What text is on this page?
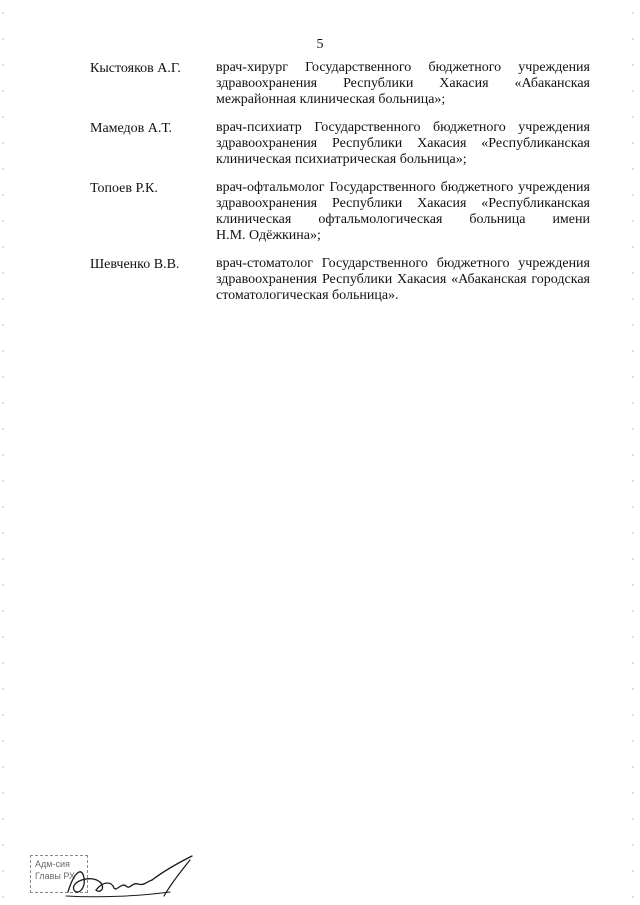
5
Кыстояков А.Г.	врач-хирург Государственного бюджетного учреждения
здравоохранения Республики Хакасия «Абаканская
межрайонная клиническая больница»;
Мамедов А.Т.	врач-психиатр Государственного бюджетного учреждения
здравоохранения Республики Хакасия «Республиканская
клиническая психиатрическая больница»;
Топоев Р.К.	врач-офтальмолог Государственного бюджетного учреждения
здравоохранения Республики Хакасия «Республиканская
клиническая офтальмологическая больница имени
Н.М. Одёжкина»;
Шевченко В.В.	врач-стоматолог Государственного бюджетного учреждения
здравоохранения Республики Хакасия «Абаканская городская
стоматологическая больница».
Адм-сия
Главы РХ
